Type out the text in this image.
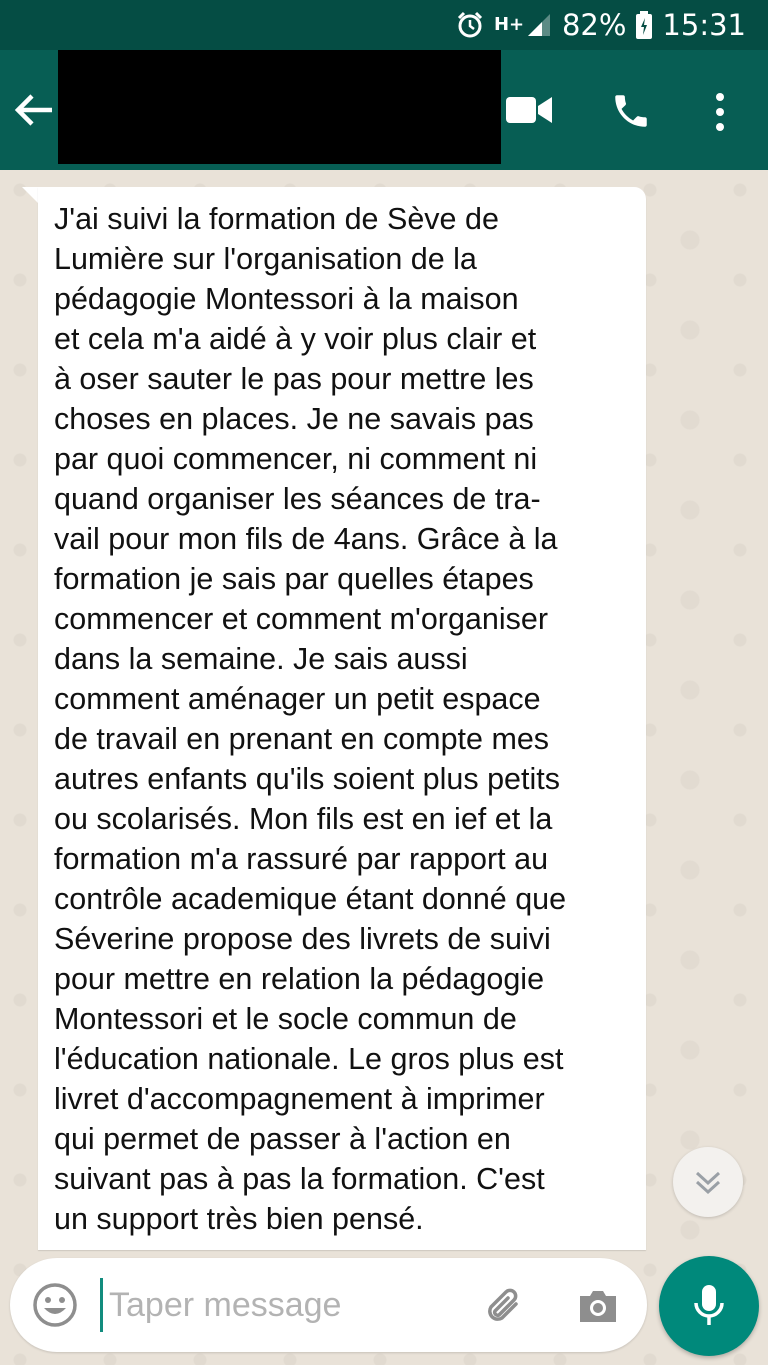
H+ 82% 15:31

J'ai suivi la formation de Sève de
Lumière sur l'organisation de la
pédagogie Montessori à la maison
et cela m'a aidé à y voir plus clair et
à oser sauter le pas pour mettre les
choses en places. Je ne savais pas
par quoi commencer, ni comment ni
quand organiser les séances de tra-
vail pour mon fils de 4ans. Grâce à la
formation je sais par quelles étapes
commencer et comment m'organiser
dans la semaine. Je sais aussi
comment aménager un petit espace
de travail en prenant en compte mes
autres enfants qu'ils soient plus petits
ou scolarisés. Mon fils est en ief et la
formation m'a rassuré par rapport au
contrôle academique étant donné que
Séverine propose des livrets de suivi
pour mettre en relation la pédagogie
Montessori et le socle commun de
l'éducation nationale. Le gros plus est
livret d'accompagnement à imprimer
qui permet de passer à l'action en
suivant pas à pas la formation. C'est
un support très bien pensé.

Taper message
